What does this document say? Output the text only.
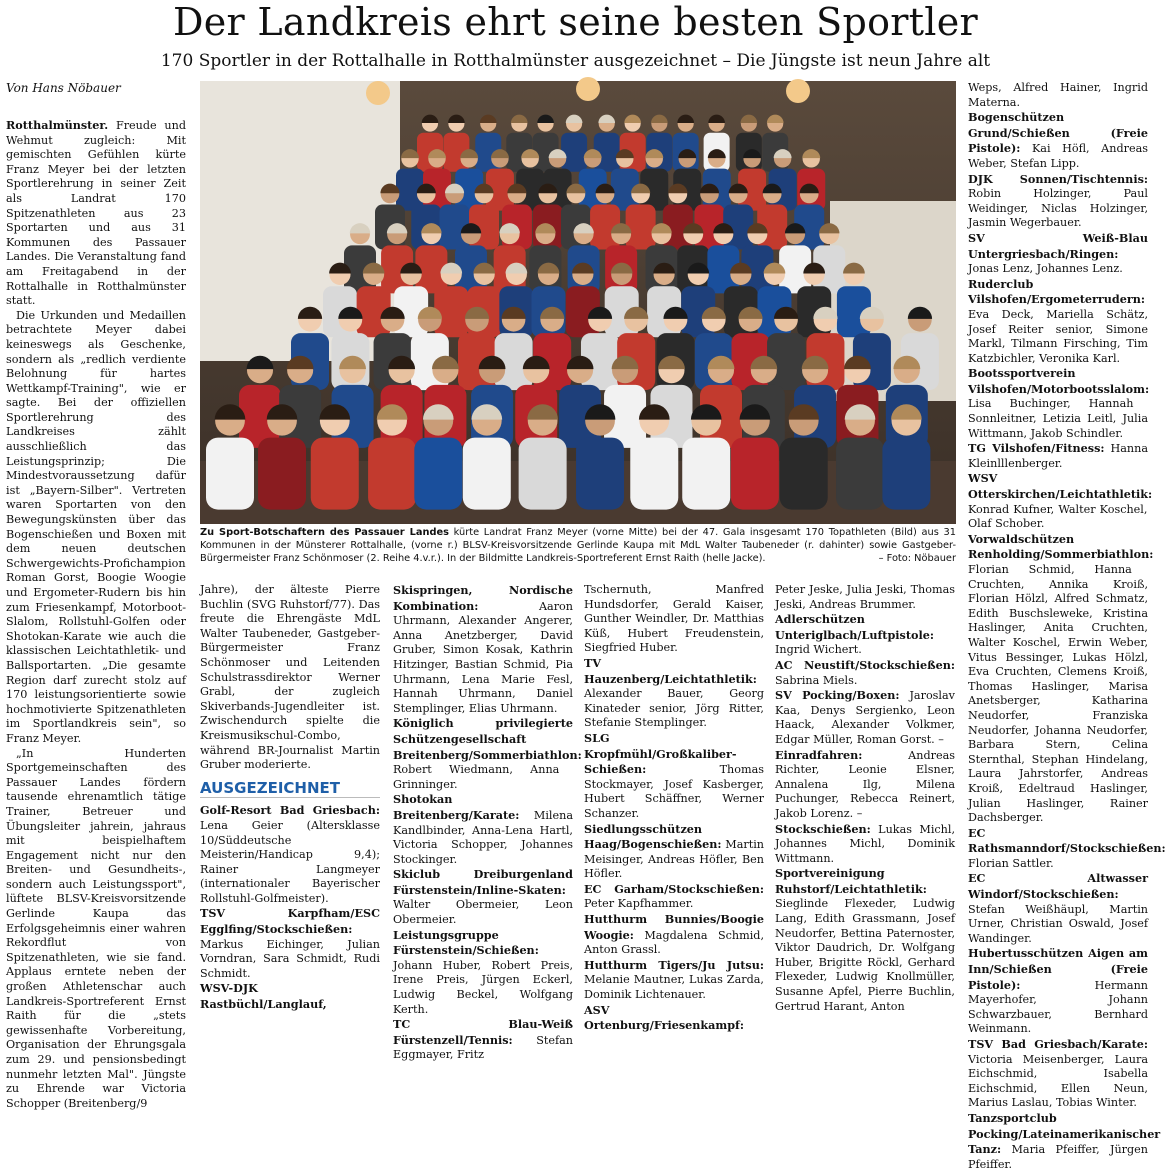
Der Landkreis ehrt seine besten Sportler
170 Sportler in der Rottalhalle in Rotthalmünster ausgezeichnet – Die Jüngste ist neun Jahre alt
Von Hans Nöbauer

Rotthalmünster. Freude und Wehmut zugleich: Mit gemischten Gefühlen kürte Franz Meyer bei der letzten Sportlerehrung in seiner Zeit als Landrat 170 Spitzenathleten aus 23 Sportarten und aus 31 Kommunen des Passauer Landes. Die Veranstaltung fand am Freitagabend in der Rottalhalle in Rotthalmünster statt.

Die Urkunden und Medaillen betrachtete Meyer dabei keineswegs als Geschenke, sondern als „redlich verdiente Belohnung für hartes Wettkampf-Training", wie er sagte. Bei der offiziellen Sportlerehrung des Landkreises zählt ausschließlich das Leistungsprinzip; Die Mindestvoraussetzung dafür ist „Bayern-Silber". Vertreten waren Sportarten von den Bewegungskünsten über das Bogenschießen und Boxen mit dem neuen deutschen Schwergewichts-Profichampion Roman Gorst, Boogie Woogie und Ergometer-Rudern bis hin zum Friesenkampf, Motorboot-Slalom, Rollstuhl-Golfen oder Shotokan-Karate wie auch die klassischen Leichtathletik- und Ballsportarten. „Die gesamte Region darf zurecht stolz auf 170 leistungsorientierte sowie hochmotivierte Spitzenathleten im Sportlandkreis sein", so Franz Meyer.

„In Hunderten Sportgemeinschaften des Passauer Landes fördern tausende ehrenamtlich tätige Trainer, Betreuer und Übungsleiter jahrein, jahraus mit beispielhaftem Engagement nicht nur den Breiten- und Gesundheits-, sondern auch Leistungssport", lüftete BLSV-Kreisvorsitzende Gerlinde Kaupa das Erfolgsgeheimnis einer wahren Rekordflut von Spitzenathleten, wie sie fand. Applaus erntete neben der großen Athletenschar auch Landkreis-Sportreferent Ernst Raith für die „stets gewissenhafte Vorbereitung, Organisation der Ehrungsgala zum 29. und pensionsbedingt nunmehr letzten Mal". Jüngste zu Ehrende war Victoria Schopper (Breitenberg/9

Zu Sport-Botschaftern des Passauer Landes kürte Landrat Franz Meyer (vorne Mitte) bei der 47. Gala insgesamt 170 Topathleten (Bild) aus 31 Kommunen in der Münsterer Rottalhalle, (vorne r.) BLSV-Kreisvorsitzende Gerlinde Kaupa mit MdL Walter Taubeneder (r. dahinter) sowie Gastgeber-Bürgermeister Franz Schönmoser (2. Reihe 4.v.r.). In der Bildmitte Landkreis-Sportreferent Ernst Raith (helle Jacke).	– Foto: Nöbauer

Jahre), der älteste Pierre Buchlin (SVG Ruhstorf/77). Das freute die Ehrengäste MdL Walter Taubeneder, Gastgeber-Bürgermeister Franz Schönmoser und Leitenden Schulstrassdirektor Werner Grabl, der zugleich Skiverbands-Jugendleiter ist. Zwischendurch spielte die Kreismusikschul-Combo, während BR-Journalist Martin Gruber moderierte.

AUSGEZEICHNET

Golf-Resort Bad Griesbach: Lena Geier (Altersklasse 10/Süddeutsche Meisterin/Handicap 9,4); Rainer Langmeyer (internationaler Bayerischer Rollstuhl-Golfmeister).

TSV Karpfham/ESC Egglfing/Stockschießen: Markus Eichinger, Julian Vorndran, Sara Schmidt, Rudi Schmidt.

WSV-DJK Rastbüchl/Langlauf,

Skispringen, Nordische Kombination: Aaron Uhrmann, Alexander Angerer, Anna Anetzberger, David Gruber, Simon Kosak, Kathrin Hitzinger, Bastian Schmid, Pia Uhrmann, Lena Marie Fesl, Hannah Uhrmann, Daniel Stemplinger, Elias Uhrmann.

Königlich privilegierte Schützengesellschaft Breitenberg/Sommerbiathlon: Robert Wiedmann, Anna Grinninger.

Shotokan Breitenberg/Karate: Milena Kandlbinder, Anna-Lena Hartl, Victoria Schopper, Johannes Stockinger.

Skiclub Dreiburgenland Fürstenstein/Inline-Skaten: Walter Obermeier, Leon Obermeier.

Leistungsgruppe Fürstenstein/Schießen: Johann Huber, Robert Preis, Irene Preis, Jürgen Eckerl, Ludwig Beckel, Wolfgang Kerth.

TC Blau-Weiß Fürstenzell/Tennis: Stefan Eggmayer, Fritz

Tschernuth, Manfred Hundsdorfer, Gerald Kaiser, Gunther Weindler, Dr. Matthias Küß, Hubert Freudenstein, Siegfried Huber.

TV Hauzenberg/Leichtathletik: Alexander Bauer, Georg Kinateder senior, Jörg Ritter, Stefanie Stemplinger.

SLG Kropfmühl/Großkaliber-Schießen: Thomas Stockmayer, Josef Kasberger, Hubert Schäffner, Werner Schanzer.

Siedlungsschützen Haag/Bogenschießen: Martin Meisinger, Andreas Höfler, Ben Höfler.

EC Garham/Stockschießen: Peter Kapfhammer.

Hutthurm Bunnies/Boogie Woogie: Magdalena Schmid, Anton Grassl.

Hutthurm Tigers/Ju Jutsu: Melanie Mautner, Lukas Zarda, Dominik Lichtenauer.

ASV Ortenburg/Friesenkampf:

Peter Jeske, Julia Jeski, Thomas Jeski, Andreas Brummer.

Adlerschützen Unteriglbach/Luftpistole: Ingrid Wichert.

AC Neustift/Stockschießen: Sabrina Miels.

SV Pocking/Boxen: Jaroslav Kaa, Denys Sergienko, Leon Haack, Alexander Volkmer, Edgar Müller, Roman Gorst. –

Einradfahren: Andreas Richter, Leonie Elsner, Annalena Ilg, Milena Puchunger, Rebecca Reinert, Jakob Lorenz. –

Stockschießen: Lukas Michl, Johannes Michl, Dominik Wittmann.

Sportvereinigung Ruhstorf/Leichtathletik: Sieglinde Flexeder, Ludwig Lang, Edith Grassmann, Josef Neudorfer, Bettina Paternoster, Viktor Daudrich, Dr. Wolfgang Huber, Brigitte Röckl, Gerhard Flexeder, Ludwig Knollmüller, Susanne Apfel, Pierre Buchlin, Gertrud Harant, Anton

Weps, Alfred Hainer, Ingrid Materna.

Bogenschützen Grund/Schießen (Freie Pistole): Kai Höfl, Andreas Weber, Stefan Lipp.

DJK Sonnen/Tischtennis: Robin Holzinger, Paul Weidinger, Niclas Holzinger, Jasmin Wegerbauer.

SV Weiß-Blau Untergriesbach/Ringen: Jonas Lenz, Johannes Lenz.

Ruderclub Vilshofen/Ergometerrudern: Eva Deck, Mariella Schätz, Josef Reiter senior, Simone Markl, Tilmann Firsching, Tim Katzbichler, Veronika Karl.

Bootssportverein Vilshofen/Motorbootsslalom: Lisa Buchinger, Hannah Sonnleitner, Letizia Leitl, Julia Wittmann, Jakob Schindler.

TG Vilshofen/Fitness: Hanna Kleinlllenberger.

WSV Otterskirchen/Leichtathletik: Konrad Kufner, Walter Koschel, Olaf Schober.

Vorwaldschützen Renholding/Sommerbiathlon: Florian Schmid, Hanna Cruchten, Annika Kroiß, Florian Hölzl, Alfred Schmatz, Edith Buschsleweke, Kristina Haslinger, Anita Cruchten, Walter Koschel, Erwin Weber, Vitus Bessinger, Lukas Hölzl, Eva Cruchten, Clemens Kroiß, Thomas Haslinger, Marisa Anetsberger, Katharina Neudorfer, Franziska Neudorfer, Johanna Neudorfer, Barbara Stern, Celina Sternthal, Stephan Hindelang, Laura Jahrstorfer, Andreas Kroiß, Edeltraud Haslinger, Julian Haslinger, Rainer Dachsberger.

EC Rathsmanndorf/Stockschießen: Florian Sattler.

EC Altwasser Windorf/Stockschießen: Stefan Weißhäupl, Martin Urner, Christian Oswald, Josef Wandinger.

Hubertusschützen Aigen am Inn/Schießen (Freie Pistole): Hermann Mayerhofer, Johann Schwarzbauer, Bernhard Weinmann.

TSV Bad Griesbach/Karate: Victoria Meisenberger, Laura Eichschmid, Isabella Eichschmid, Ellen Neun, Marius Laslau, Tobias Winter.

Tanzsportclub Pocking/Lateinamerikanischer Tanz: Maria Pfeiffer, Jürgen Pfeiffer.
